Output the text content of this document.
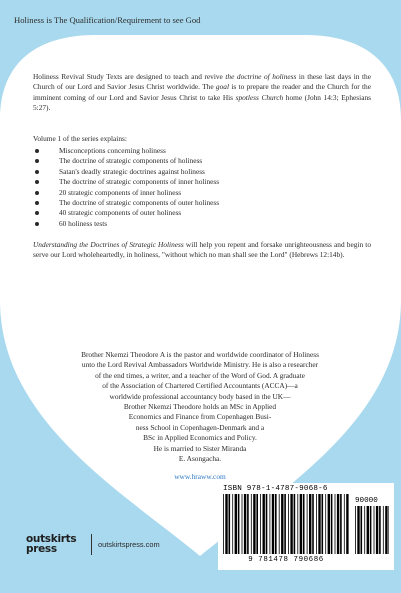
Holiness is The Qualification/Requirement to see God

Holiness Revival Study Texts are designed to teach and revive the doctrine of holiness in these last days in the Church of our Lord and Savior Jesus Christ worldwide. The goal is to prepare the reader and the Church for the imminent coming of our Lord and Savior Jesus Christ to take His spotless Church home (John 14:3; Ephesians 5:27).

Volume 1 of the series explains:
Misconceptions concerning holiness
The doctrine of strategic components of holiness
Satan's deadly strategic doctrines against holiness
The doctrine of strategic components of inner holiness
20 strategic components of inner holiness
The doctrine of strategic components of outer holiness
40 strategic components of outer holiness
60 holiness tests

Understanding the Doctrines of Strategic Holiness will help you repent and forsake unrighteousness and begin to serve our Lord wholeheartedly, in holiness, "without which no man shall see the Lord" (Hebrews 12:14b).

Brother Nkemzi Theodore A is the pastor and worldwide coordinator of Holiness
unto the Lord Revival Ambassadors Worldwide Ministry. He is also a researcher
of the end times, a writer, and a teacher of the Word of God. A graduate
of the Association of Chartered Certified Accountants (ACCA)—a
worldwide professional accountancy body based in the UK—
Brother Nkemzi Theodore holds an MSc in Applied
Economics and Finance from Copenhagen Busi-
ness School in Copenhagen-Denmark and a
BSc in Applied Economics and Policy.
He is married to Sister Miranda
E. Asongacha.
www.hraww.com
ISBN 978-1-4787-9068-6
90000
9 781478 790686
outskirts
press	outskirtspress.com
